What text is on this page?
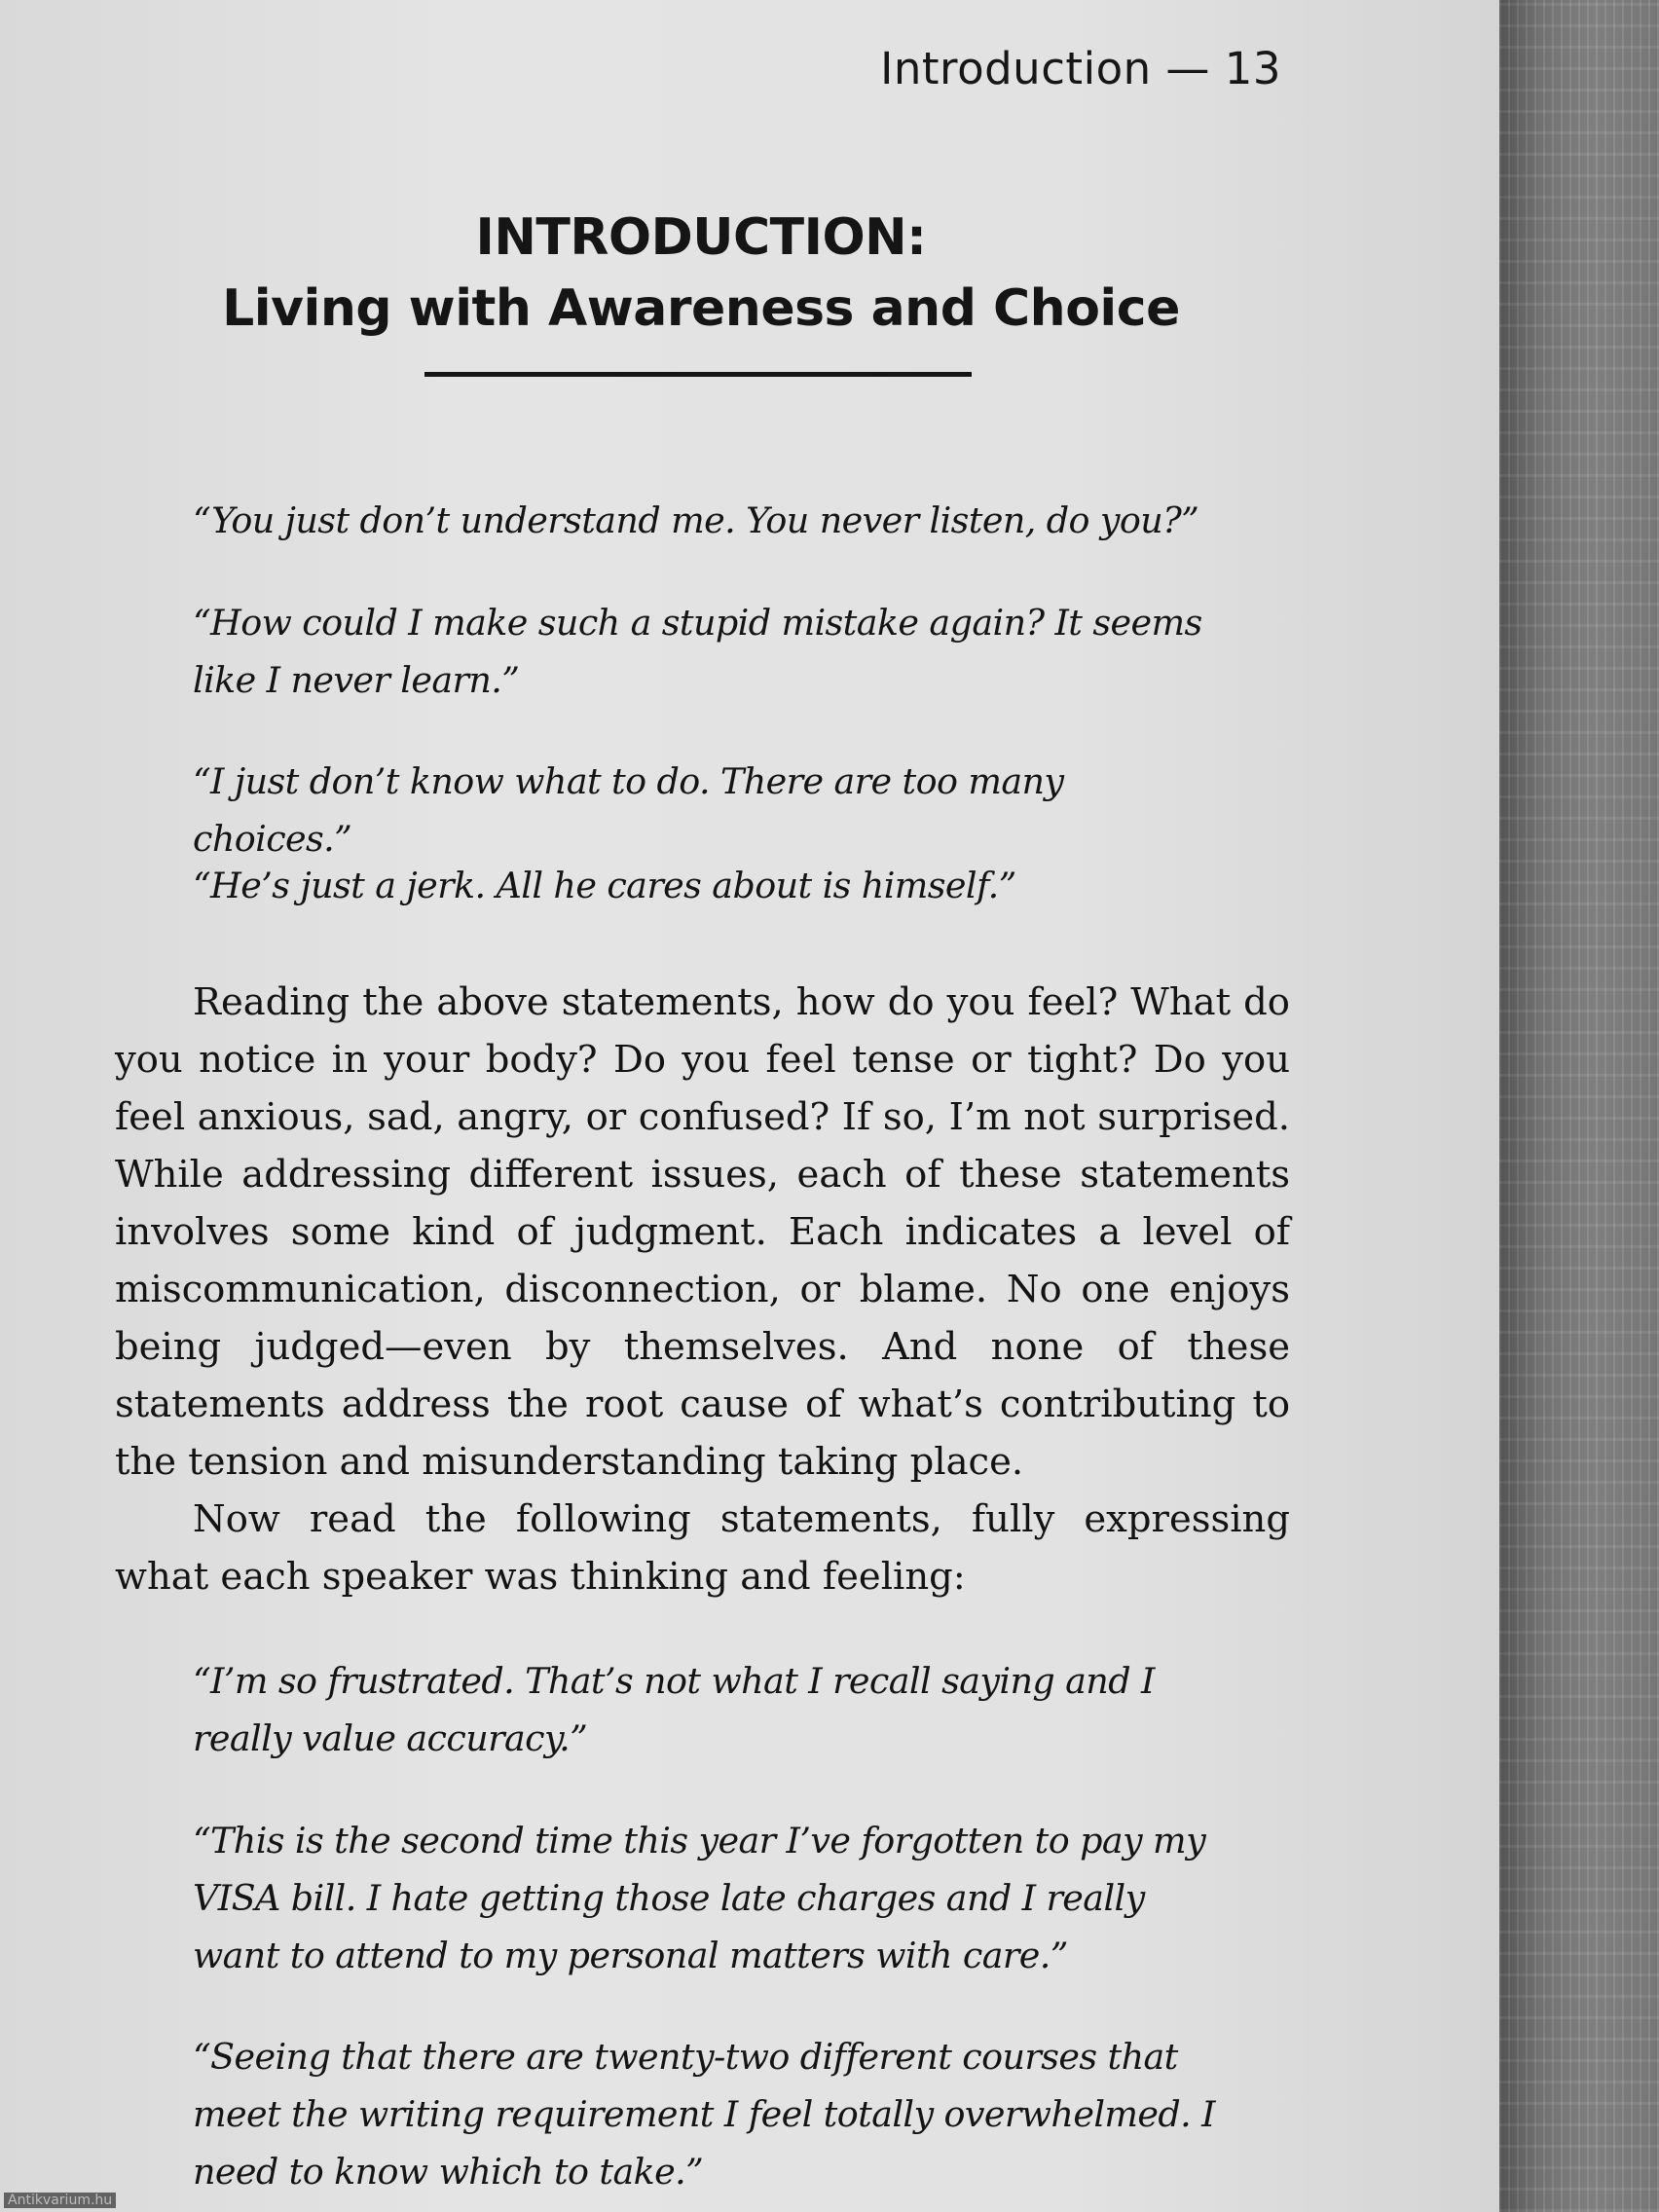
Introduction — 13
INTRODUCTION:
Living with Awareness and Choice
“You just don’t understand me. You never listen, do you?”
“How could I make such a stupid mistake again? It seems like I never learn.”
“I just don’t know what to do. There are too many choices.”
“He’s just a jerk. All he cares about is himself.”

Reading the above statements, how do you feel? What do you notice in your body? Do you feel tense or tight? Do you feel anxious, sad, angry, or confused? If so, I’m not surprised. While addressing different issues, each of these statements involves some kind of judgment. Each indicates a level of miscommunication, disconnection, or blame. No one enjoys being judged—even by themselves. And none of these statements address the root cause of what’s contributing to the tension and misunderstanding taking place.

Now read the following statements, fully expressing what each speaker was thinking and feeling:

“I’m so frustrated. That’s not what I recall saying and I really value accuracy.”
“This is the second time this year I’ve forgotten to pay my VISA bill. I hate getting those late charges and I really want to attend to my personal matters with care.”
“Seeing that there are twenty-two different courses that meet the writing requirement I feel totally overwhelmed. I need to know which to take.”
Antikvarium.hu
